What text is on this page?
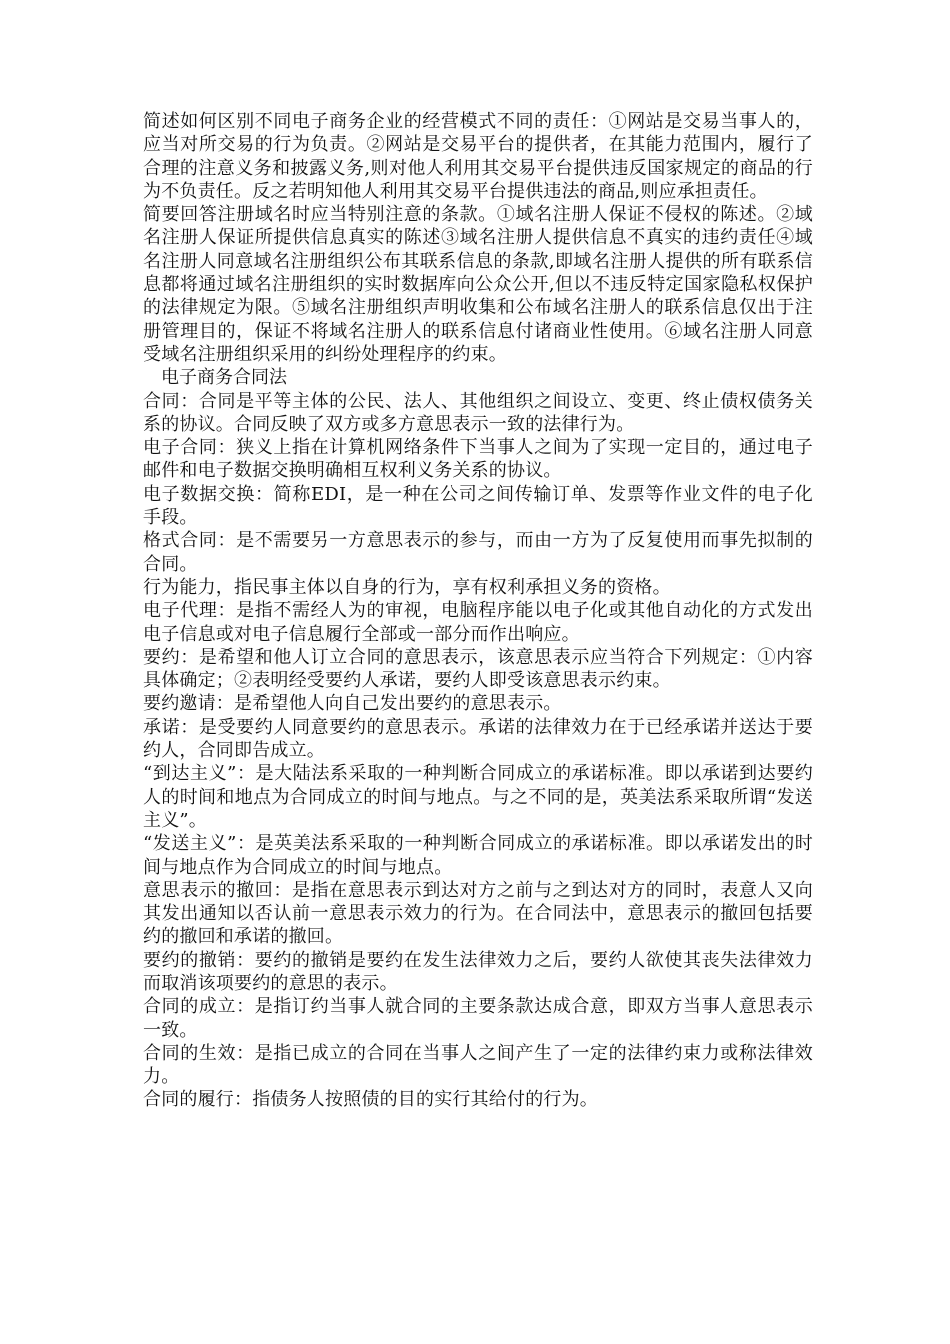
简述如何区别不同电子商务企业的经营模式不同的责任：①网站是交易当事人的，应当对所交易的行为负责。②网站是交易平台的提供者，在其能力范围内，履行了合理的注意义务和披露义务,则对他人利用其交易平台提供违反国家规定的商品的行为不负责任。反之若明知他人利用其交易平台提供违法的商品,则应承担责任。

简要回答注册域名时应当特别注意的条款。①域名注册人保证不侵权的陈述。②域名注册人保证所提供信息真实的陈述③域名注册人提供信息不真实的违约责任④域名注册人同意域名注册组织公布其联系信息的条款,即域名注册人提供的所有联系信息都将通过域名注册组织的实时数据库向公众公开,但以不违反特定国家隐私权保护的法律规定为限。⑤域名注册组织声明收集和公布域名注册人的联系信息仅出于注册管理目的，保证不将域名注册人的联系信息付诸商业性使用。⑥域名注册人同意受域名注册组织采用的纠纷处理程序的约束。

电子商务合同法

合同：合同是平等主体的公民、法人、其他组织之间设立、变更、终止债权债务关系的协议。合同反映了双方或多方意思表示一致的法律行为。

电子合同：狭义上指在计算机网络条件下当事人之间为了实现一定目的，通过电子邮件和电子数据交换明确相互权利义务关系的协议。

电子数据交换：简称EDI，是一种在公司之间传输订单、发票等作业文件的电子化手段。

格式合同：是不需要另一方意思表示的参与，而由一方为了反复使用而事先拟制的合同。

行为能力，指民事主体以自身的行为，享有权利承担义务的资格。

电子代理：是指不需经人为的审视，电脑程序能以电子化或其他自动化的方式发出电子信息或对电子信息履行全部或一部分而作出响应。

要约：是希望和他人订立合同的意思表示，该意思表示应当符合下列规定：①内容具体确定；②表明经受要约人承诺，要约人即受该意思表示约束。

要约邀请：是希望他人向自己发出要约的意思表示。

承诺：是受要约人同意要约的意思表示。承诺的法律效力在于已经承诺并送达于要约人，合同即告成立。

“到达主义”：是大陆法系采取的一种判断合同成立的承诺标准。即以承诺到达要约人的时间和地点为合同成立的时间与地点。与之不同的是，英美法系采取所谓“发送主义”。

“发送主义”：是英美法系采取的一种判断合同成立的承诺标准。即以承诺发出的时间与地点作为合同成立的时间与地点。

意思表示的撤回：是指在意思表示到达对方之前与之到达对方的同时，表意人又向其发出通知以否认前一意思表示效力的行为。在合同法中，意思表示的撤回包括要约的撤回和承诺的撤回。

要约的撤销：要约的撤销是要约在发生法律效力之后，要约人欲使其丧失法律效力而取消该项要约的意思的表示。

合同的成立：是指订约当事人就合同的主要条款达成合意，即双方当事人意思表示一致。

合同的生效：是指已成立的合同在当事人之间产生了一定的法律约束力或称法律效力。

合同的履行：指债务人按照债的目的实行其给付的行为。
